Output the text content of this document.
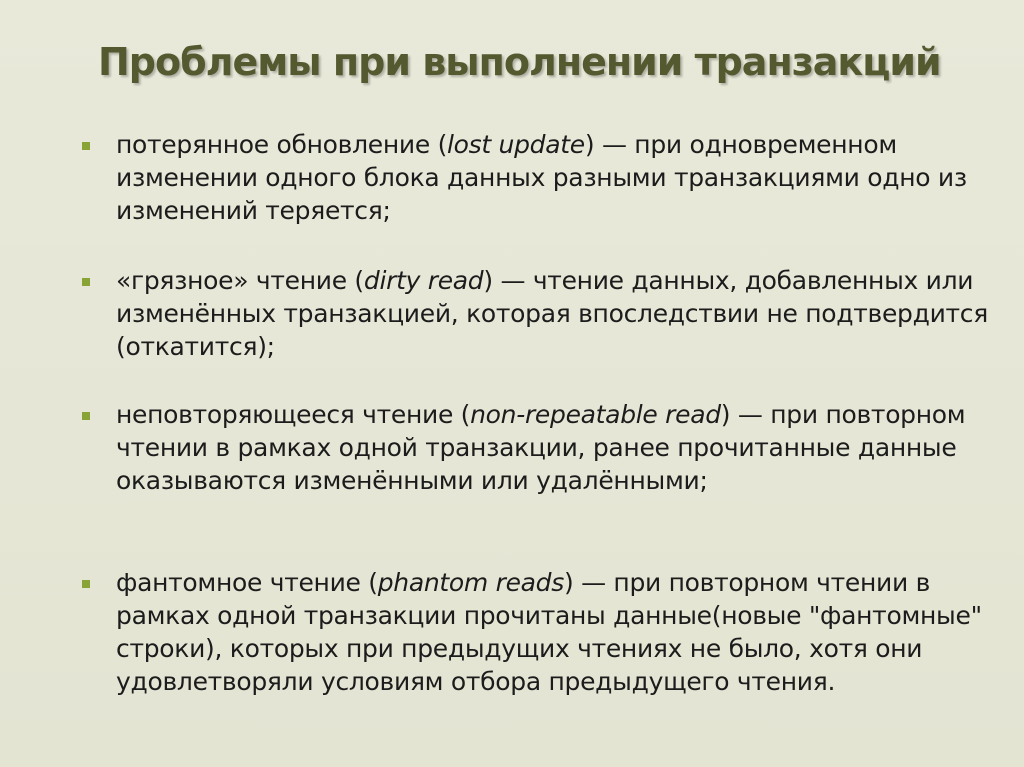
Проблемы при выполнении транзакций
потерянное обновление (lost update) — при одновременном изменении одного блока данных разными транзакциями одно из изменений теряется;
«грязное» чтение (dirty read) — чтение данных, добавленных или изменённых транзакцией, которая впоследствии не подтвердится (откатится);
неповторяющееся чтение (non-repeatable read) — при повторном чтении в рамках одной транзакции, ранее прочитанные данные оказываются изменёнными или удалёнными;
фантомное чтение (phantom reads) — при повторном чтении в рамках одной транзакции прочитаны данные(новые "фантомные" строки), которых при предыдущих чтениях не было, хотя они удовлетворяли условиям отбора предыдущего чтения.
